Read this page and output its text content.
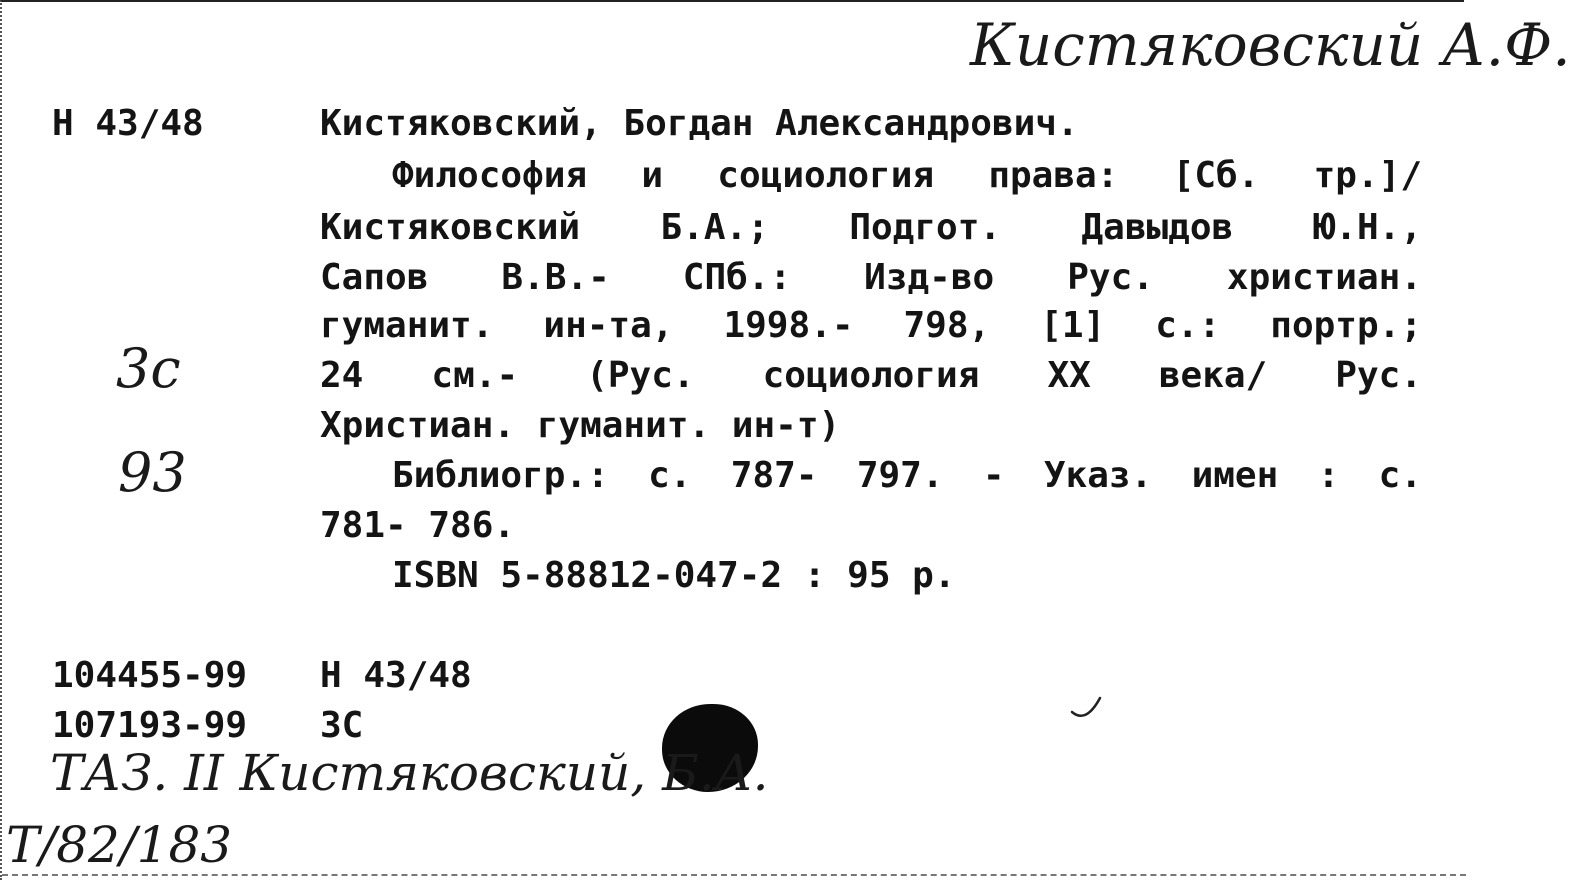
Кистяковский А.Ф.
Н 43/48	Кистяковский, Богдан Александрович.
3с
93
Философия и социология права: [Сб. тр.]/
Кистяковский Б.А.; Подгот. Давыдов Ю.Н.,
Сапов В.В.- СПб.: Изд-во Рус. христиан.
гуманит. ин-та, 1998.- 798, [1] с.: портр.;
24 см.- (Рус. социология XX века/ Рус.
Христиан. гуманит. ин-т)
Библиогр.: с. 787- 797. - Указ. имен : с.
781- 786.
ISBN 5-88812-047-2 : 95 р.
104455-99 Н 43/48
107193-99 3С
ТАЗ. II Кистяковский, Б.А.
Т/82/183
